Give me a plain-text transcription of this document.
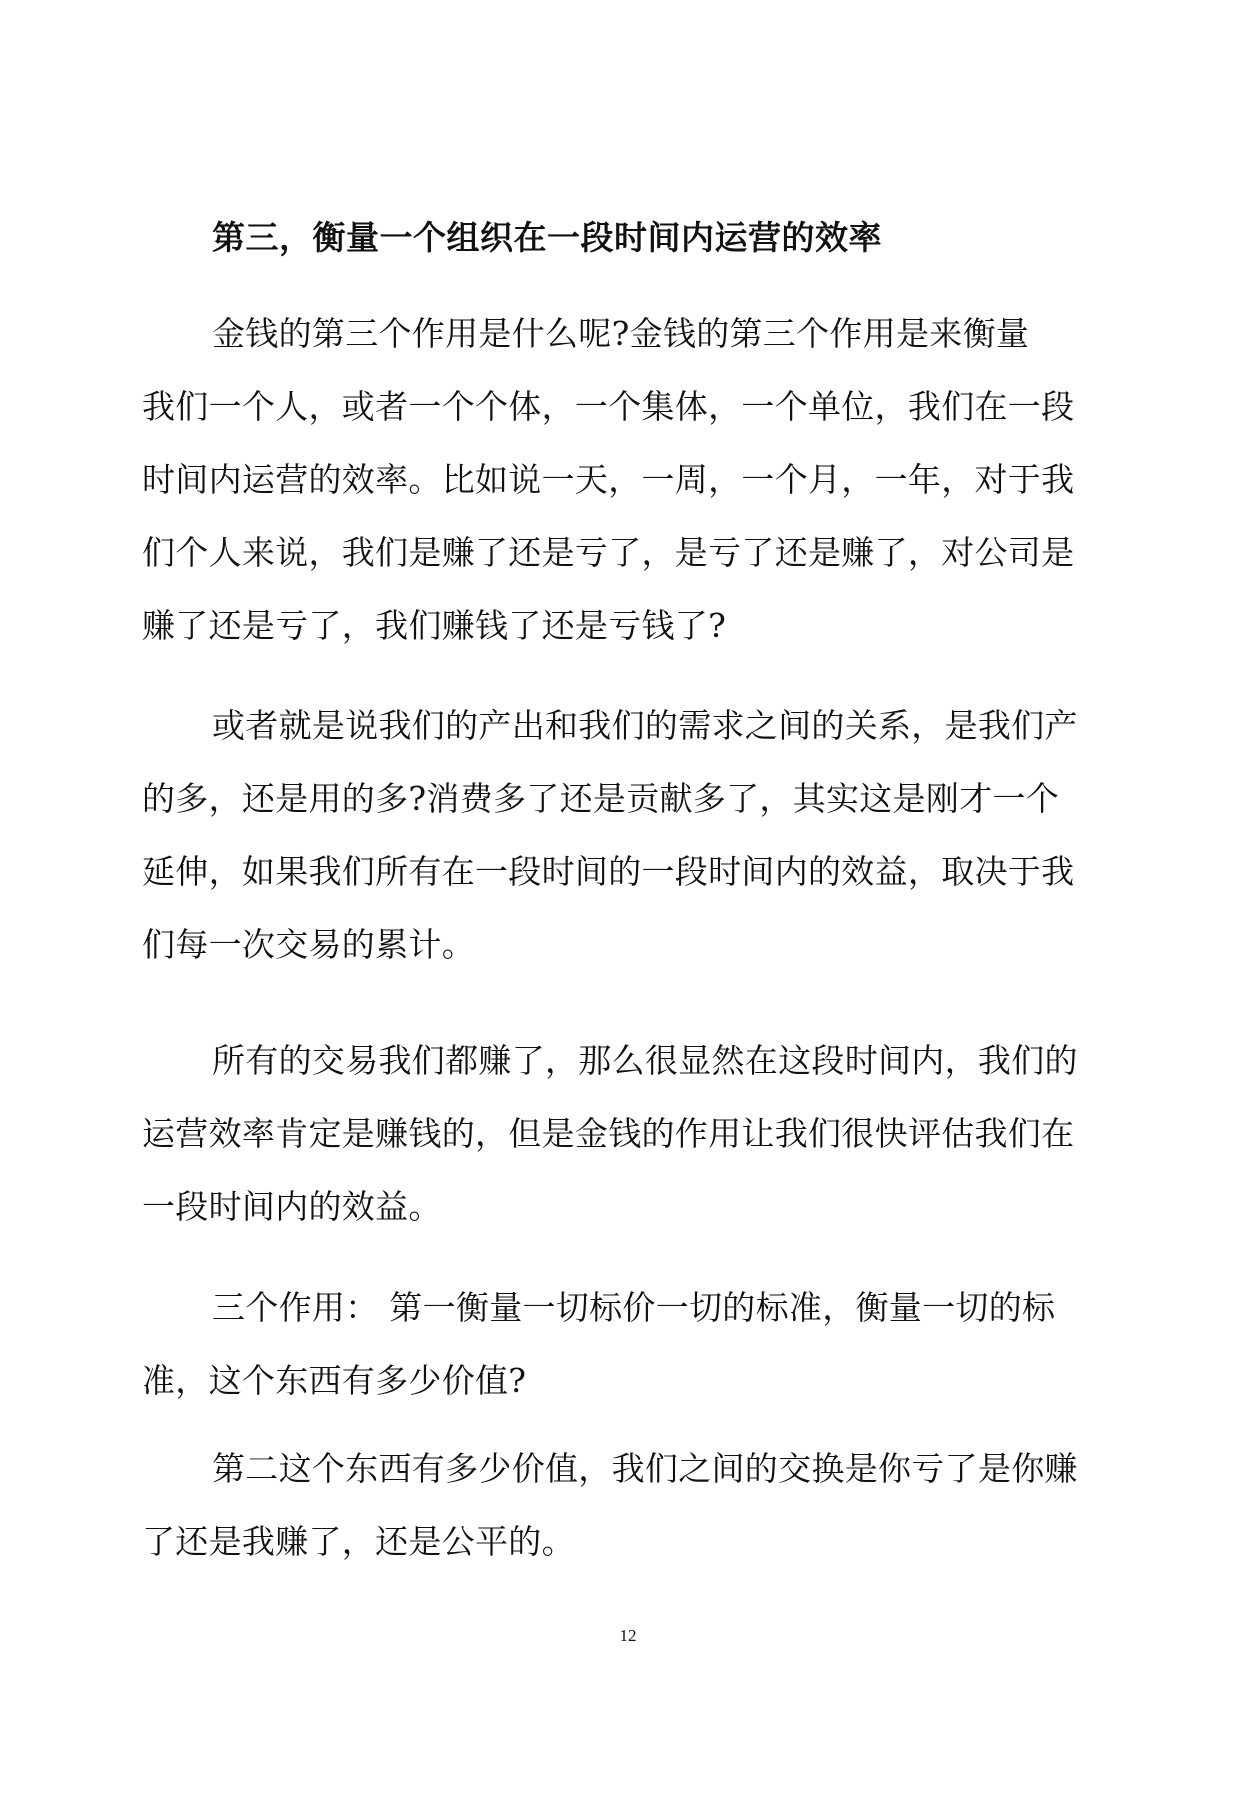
第三，衡量一个组织在一段时间内运营的效率
金钱的第三个作用是什么呢?金钱的第三个作用是来衡量
我们一个人，或者一个个体，一个集体，一个单位，我们在一段
时间内运营的效率。比如说一天，一周，一个月，一年，对于我
们个人来说，我们是赚了还是亏了，是亏了还是赚了，对公司是
赚了还是亏了，我们赚钱了还是亏钱了?
或者就是说我们的产出和我们的需求之间的关系，是我们产
的多，还是用的多?消费多了还是贡献多了，其实这是刚才一个
延伸，如果我们所有在一段时间的一段时间内的效益，取决于我
们每一次交易的累计。
所有的交易我们都赚了，那么很显然在这段时间内，我们的
运营效率肯定是赚钱的，但是金钱的作用让我们很快评估我们在
一段时间内的效益。
三个作用： 第一衡量一切标价一切的标准，衡量一切的标
准，这个东西有多少价值?
第二这个东西有多少价值，我们之间的交换是你亏了是你赚
了还是我赚了，还是公平的。
12
